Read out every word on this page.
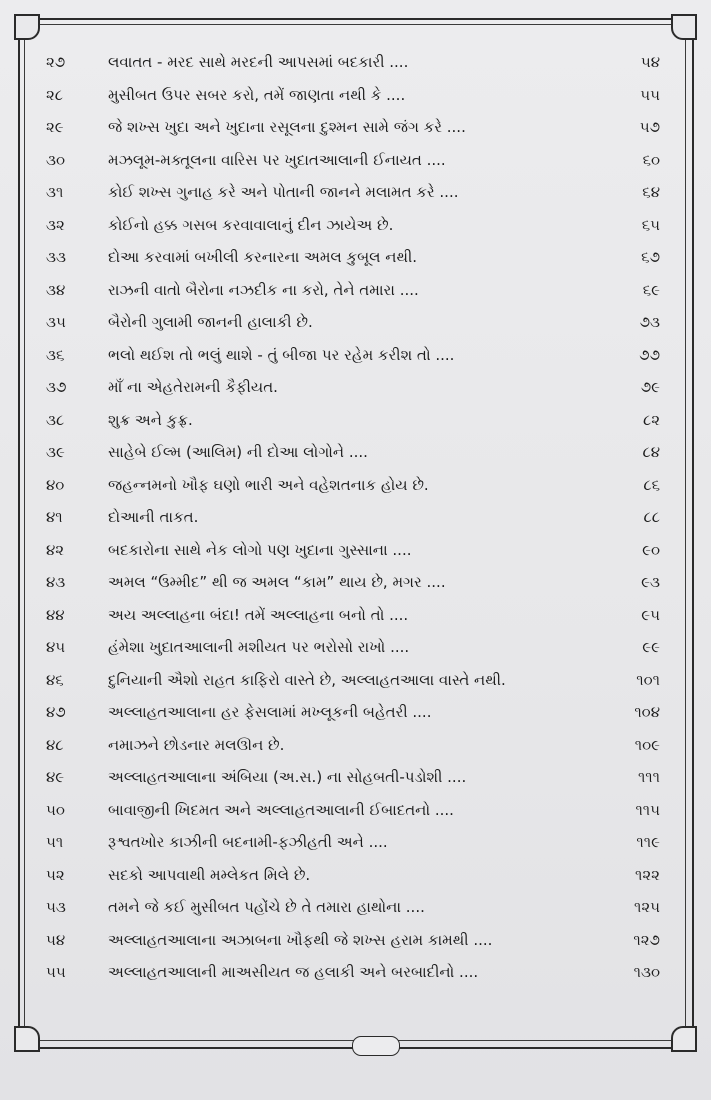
૨૭	લવાતત - મરદ સાથે મરદની આપસમાં બદકારી ....	૫૪
૨૮	મુસીબત ઉપર સબર કરો, તમેં જાણતા નથી કે ....	૫૫
૨૯	જે શખ્સ ખુદા અને ખુદાના રસૂલના દુશ્મન સામે જંગ કરે ....	૫૭
૩૦	મઝલૂમ-મક્તૂલના વારિસ પર ખુદાતઆલાની ઈનાયત ....	૬૦
૩૧	કોઈ શખ્સ ગુનાહ કરે અને પોતાની જાનને મલામત કરે ....	૬૪
૩૨	કોઈનો હક્ક ગસબ કરવાવાલાનું દીન ઝાયેઅ છે.	૬૫
૩૩	દોઆ કરવામાં બખીલી કરનારના અમલ કુબૂલ નથી.	૬૭
૩૪	રાઝની વાતો બૈરોના નઝદીક ના કરો, તેને તમારા ....	૬૯
૩૫	બૈરોની ગુલામી જાનની હાલાકી છે.	૭૩
૩૬	ભલો થઈશ તો ભલું થાશે - તું બીજા પર રહેમ કરીશ તો ....	૭૭
૩૭	માઁ ના એહતેરામની કૈફીયત.	૭૯
૩૮	શુક્ર અને કુફ્ર.	૮૨
૩૯	સાહેબે ઈલ્મ (આલિમ) ની દોઆ લોગોને ....	૮૪
૪૦	જહન્નમનો ખૌફ ઘણો ભારી અને વહેશતનાક હોય છે.	૮૬
૪૧	દોઆની તાકત.	૮૮
૪૨	બદકારોના સાથે નેક લોગો પણ ખુદાના ગુસ્સાના ....	૯૦
૪૩	અમલ “ઉમ્મીદ” થી જ અમલ “કામ” થાય છે, મગર ....	૯૩
૪૪	અય અલ્લાહના બંદા! તમેં અલ્લાહના બનો તો ....	૯૫
૪૫	હંમેશા ખુદાતઆલાની મશીયત પર ભરોસો રાખો ....	૯૯
૪૬	દુનિયાની ઐશો રાહત કાફિરો વાસ્તે છે, અલ્લાહતઆલા વાસ્તે નથી.	૧૦૧
૪૭	અલ્લાહતઆલાના હર ફેસલામાં મખ્લૂકની બહેતરી ....	૧૦૪
૪૮	નમાઝને છોડનાર મલઊન છે.	૧૦૯
૪૯	અલ્લાહતઆલાના અંબિયા (અ.સ.) ના સોહબતી-પડોશી ....	૧૧૧
૫૦	બાવાજીની ખિદમત અને અલ્લાહતઆલાની ઈબાદતનો ....	૧૧૫
૫૧	રૂશ્વતખોર કાઝીની બદનામી-ફઝીહતી અને ....	૧૧૯
૫૨	સદકો આપવાથી મમ્લેકત મિલે છે.	૧૨૨
૫૩	તમને જે કઈ મુસીબત પહોંચે છે તે તમારા હાથોના ....	૧૨૫
૫૪	અલ્લાહતઆલાના અઝાબના ખૌફથી જે શખ્સ હરામ કામથી ....	૧૨૭
૫૫	અલ્લાહતઆલાની માઅસીયત જ હલાકી અને બરબાદીનો ....	૧૩૦
